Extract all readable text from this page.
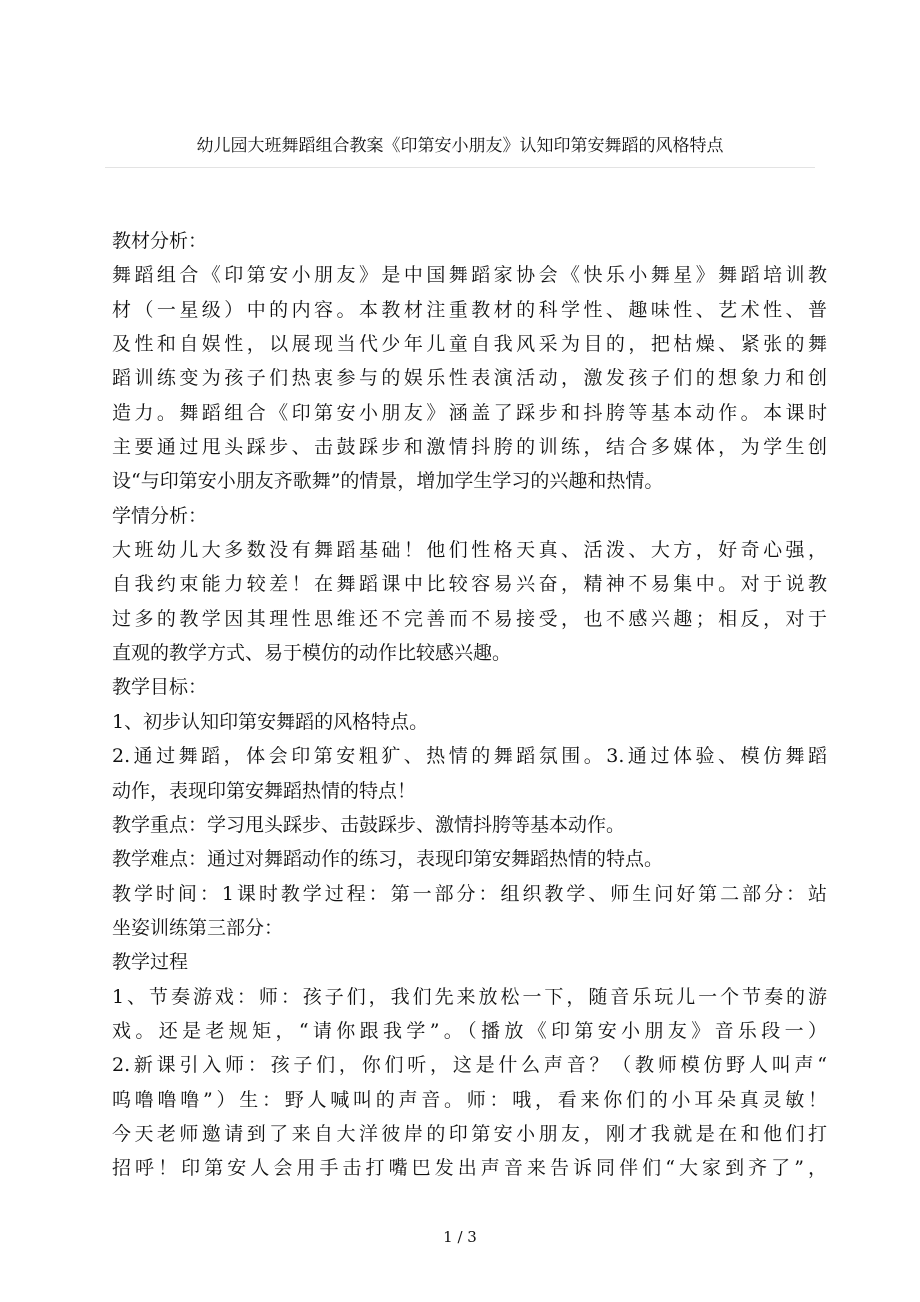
幼儿园大班舞蹈组合教案《印第安小朋友》认知印第安舞蹈的风格特点
教材分析：
舞蹈组合《印第安小朋友》是中国舞蹈家协会《快乐小舞星》舞蹈培训教
材（一星级）中的内容。本教材注重教材的科学性、趣味性、艺术性、普
及性和自娱性，以展现当代少年儿童自我风采为目的，把枯燥、紧张的舞
蹈训练变为孩子们热衷参与的娱乐性表演活动，激发孩子们的想象力和创
造力。舞蹈组合《印第安小朋友》涵盖了踩步和抖胯等基本动作。本课时
主要通过甩头踩步、击鼓踩步和激情抖胯的训练，结合多媒体，为学生创
设“与印第安小朋友齐歌舞”的情景，增加学生学习的兴趣和热情。
学情分析：
大班幼儿大多数没有舞蹈基础！他们性格天真、活泼、大方，好奇心强，
自我约束能力较差！在舞蹈课中比较容易兴奋，精神不易集中。对于说教
过多的教学因其理性思维还不完善而不易接受，也不感兴趣；相反，对于
直观的教学方式、易于模仿的动作比较感兴趣。
教学目标：
1、初步认知印第安舞蹈的风格特点。
2.通过舞蹈，体会印第安粗犷、热情的舞蹈氛围。3.通过体验、模仿舞蹈
动作，表现印第安舞蹈热情的特点！
教学重点：学习甩头踩步、击鼓踩步、激情抖胯等基本动作。
教学难点：通过对舞蹈动作的练习，表现印第安舞蹈热情的特点。
教学时间：1课时教学过程：第一部分：组织教学、师生问好第二部分：站
坐姿训练第三部分：
教学过程
1、节奏游戏：师：孩子们，我们先来放松一下，随音乐玩儿一个节奏的游
戏。还是老规矩，“请你跟我学”。（播放《印第安小朋友》音乐段一）
2.新课引入师：孩子们，你们听，这是什么声音？（教师模仿野人叫声“
呜噜噜噜”）生：野人喊叫的声音。师：哦，看来你们的小耳朵真灵敏！
今天老师邀请到了来自大洋彼岸的印第安小朋友，刚才我就是在和他们打
招呼！印第安人会用手击打嘴巴发出声音来告诉同伴们“大家到齐了”，
1 / 3
